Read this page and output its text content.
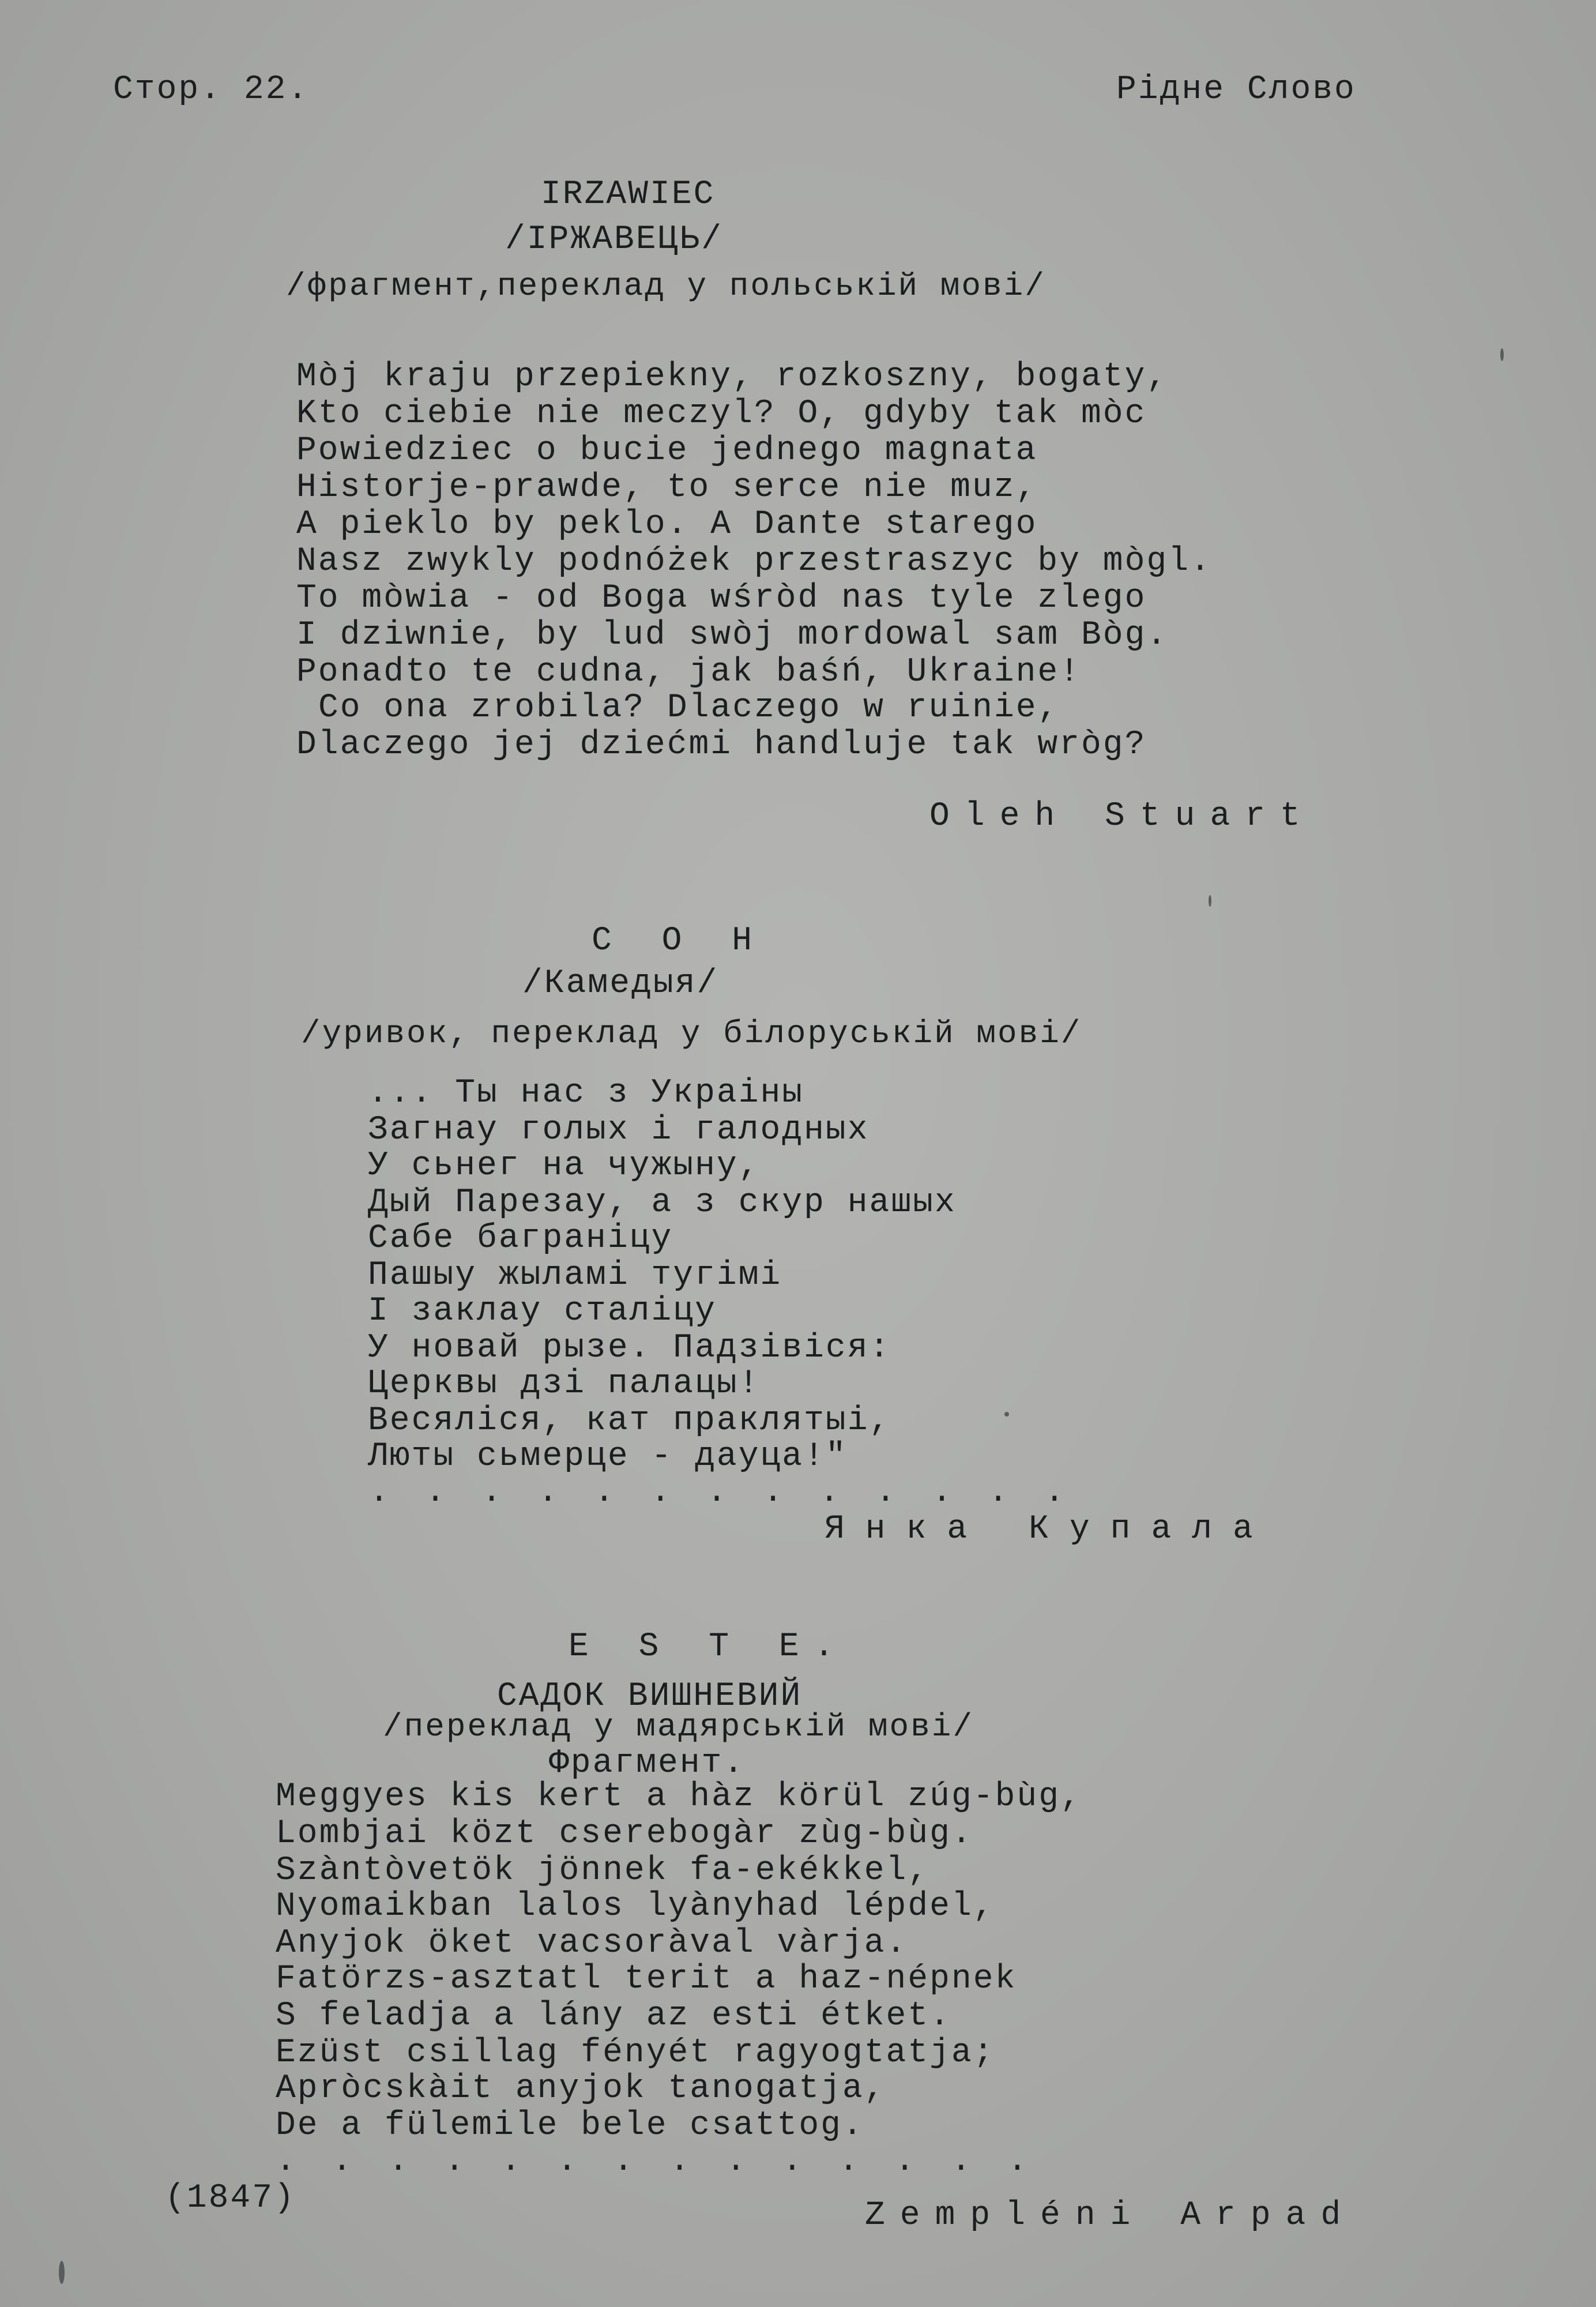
Стор. 22.	Рідне Слово
IRZAWIEC
/IРЖАВЕЦЬ/
/фрагмент,переклад у польській мові/
Mòj kraju przepiekny, rozkoszny, bogaty,
Kto ciebie nie meczyl? O, gdyby tak mòc
Powiedziec o bucie jednego magnata
Historje-prawde, to serce nie muz,
A pieklo by peklo. A Dante starego
Nasz zwykly podnóżek przestraszyc by mògl.
To mòwia - od Boga wśròd nas tyle zlego
I dziwnie, by lud swòj mordowal sam Bòg.
Ponadto te cudna, jak baśń, Ukraine!
Co ona zrobila? Dlaczego w ruinie,
Dlaczego jej dziećmi handluje tak wròg?
Oleh Stuart
С О Н
/Камедыя/
/уривок, переклад у білоруській мові/
... Ты нас з Украіны
Загнау голых і галодных
У сьнег на чужыну,
Дый Парезау, а з скур нашых
Сабе баграніцу
Пашыу жыламі тугімі
І заклау сталіцу
У новай рызе. Падзівіся:
Церквы дзі палацы!
Весяліся, кат праклятыі,
Люты сьмерце - дауца!"
. . . . . . . . . . . . .
Янка Купала
E S T E.
САДОК ВИШНЕВИЙ
/переклад у мадярській мові/
Фрагмент.
Meggyes kis kert a hàz körül zúg-bùg,
Lombjai közt cserebogàr zùg-bùg.
Szàntòvetök jönnek fa-ekékkel,
Nyomaikban lalos lyànyhad lépdel,
Anyjok öket vacsoràval vàrja.
Fatörzs-asztatl terit a haz-népnek
S feladja a lány az esti étket.
Ezüst csillag fényét ragyogtatja;
Apròcskàit anyjok tanogatja,
De a fülemile bele csattog.
. . . . . . . . . . . . . .
(1847)	Zempléni Arpad
